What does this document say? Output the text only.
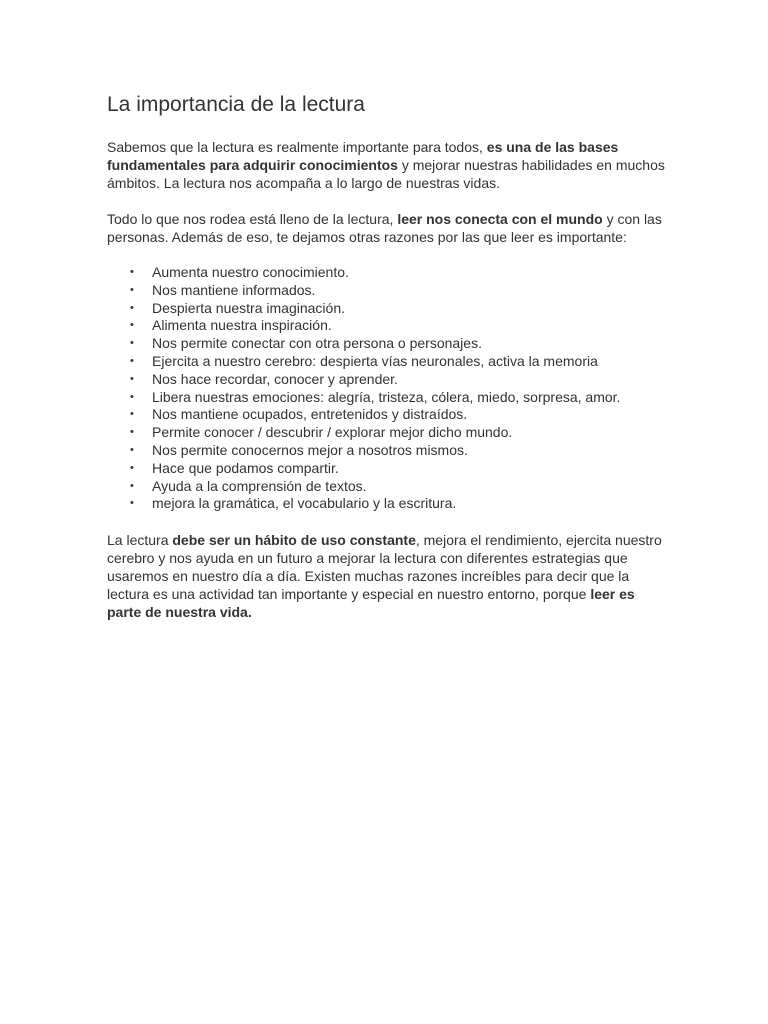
La importancia de la lectura

Sabemos que la lectura es realmente importante para todos, es una de las bases fundamentales para adquirir conocimientos y mejorar nuestras habilidades en muchos ámbitos. La lectura nos acompaña a lo largo de nuestras vidas.

Todo lo que nos rodea está lleno de la lectura, leer nos conecta con el mundo y con las personas. Además de eso, te dejamos otras razones por las que leer es importante:

• Aumenta nuestro conocimiento.
• Nos mantiene informados.
• Despierta nuestra imaginación.
• Alimenta nuestra inspiración.
• Nos permite conectar con otra persona o personajes.
• Ejercita a nuestro cerebro: despierta vías neuronales, activa la memoria
• Nos hace recordar, conocer y aprender.
• Libera nuestras emociones: alegría, tristeza, cólera, miedo, sorpresa, amor.
• Nos mantiene ocupados, entretenidos y distraídos.
• Permite conocer / descubrir / explorar mejor dicho mundo.
• Nos permite conocernos mejor a nosotros mismos.
• Hace que podamos compartir.
• Ayuda a la comprensión de textos.
• mejora la gramática, el vocabulario y la escritura.

La lectura debe ser un hábito de uso constante, mejora el rendimiento, ejercita nuestro cerebro y nos ayuda en un futuro a mejorar la lectura con diferentes estrategias que usaremos en nuestro día a día. Existen muchas razones increíbles para decir que la lectura es una actividad tan importante y especial en nuestro entorno, porque leer es parte de nuestra vida.
